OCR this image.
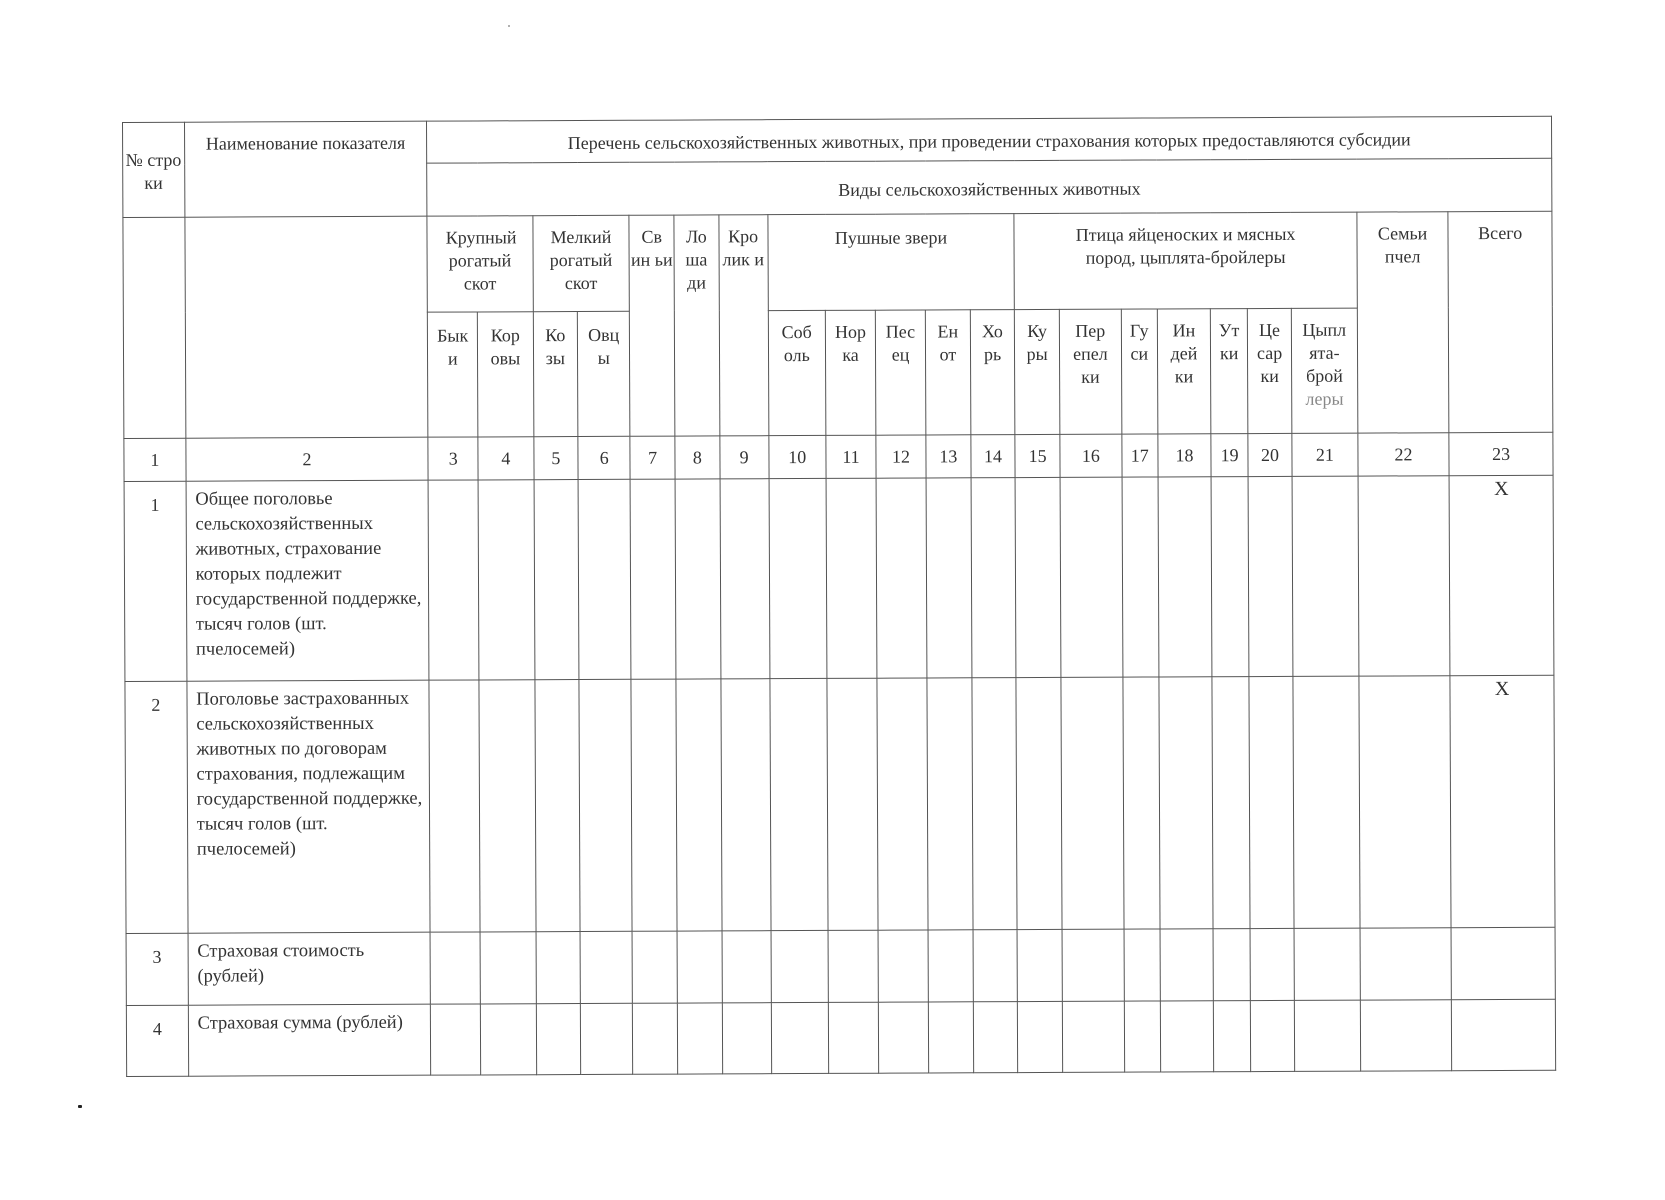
№ стро ки	Наименование показателя	Перечень сельскохозяйственных животных, при проведении страхования которых предоставляются субсидии																				
		Виды сельскохозяйственных животных																				
		Крупный рогатый скот		Мелкий рогатый скот		Св ин ьи	Ло ша ди	Кро лик и	Пушные звери					Птица яйценоских и мясных пород, цыплята-бройлеры							Семьи пчел	Всего
		Бык и	Кор овы	Ко зы	Овц ы				Соб оль	Нор ка	Пес ец	Ен от	Хо рь	Ку ры	Пер епел ки	Гу си	Ин дей ки	Ут ки	Це сар ки	Цыпл ята- брой
леры		

1	2	3	4	5	6	7	8	9	10	11	12	13	14	15	16	17	18	19	20	21	22	23
1	Общее поголовье сельскохозяйственных животных, страхование которых подлежит государственной поддержке, тысяч голов (шт. пчелосемей)																					Х
2	Поголовье застрахованных сельскохозяйственных животных по договорам страхования, подлежащим государственной поддержке, тысяч голов (шт. пчелосемей)																					Х
3	Страховая стоимость (рублей)																					
4	Страховая сумма (рублей)																					
